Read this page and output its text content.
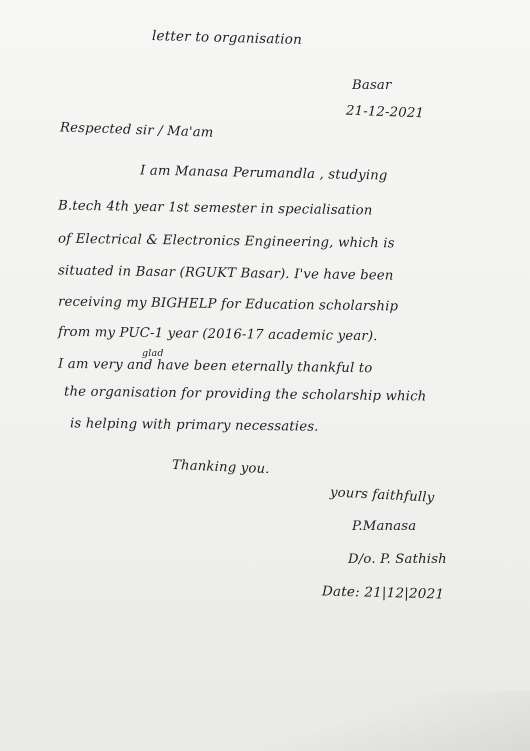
letter to organisation
Basar
21-12-2021
Respected sir / Ma'am
I am Manasa Perumandla , studying
B.tech 4th year 1st semester in specialisation
of Electrical & Electronics Engineering, which is
situated in Basar (RGUKT Basar). I've have been
receiving my BIGHELP for Education scholarship
from my PUC-1 year (2016-17 academic year).
glad
I am very and have been eternally thankful to
the organisation for providing the scholarship which
is helping with primary necessaties.
Thanking you.
yours faithfully
P.Manasa
D/o. P. Sathish
Date: 21|12|2021
